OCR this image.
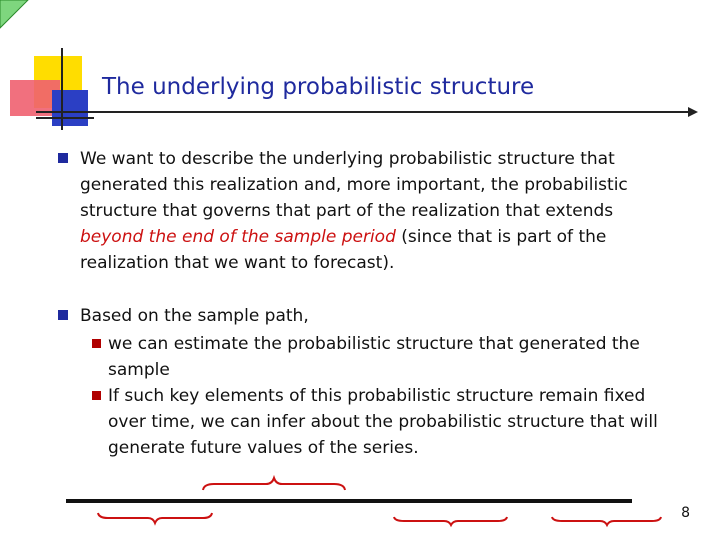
The underlying probabilistic structure
We want to describe the underlying probabilistic structure that
generated this realization and, more important, the probabilistic
structure that governs that part of the realization that extends
beyond the end of the sample period (since that is part of the
realization that we want to forecast).
Based on the sample path,
we can estimate the probabilistic structure that generated the
sample
If such key elements of this probabilistic structure remain fixed
over time, we can infer about the probabilistic structure that will
generate future values of the series.
8
